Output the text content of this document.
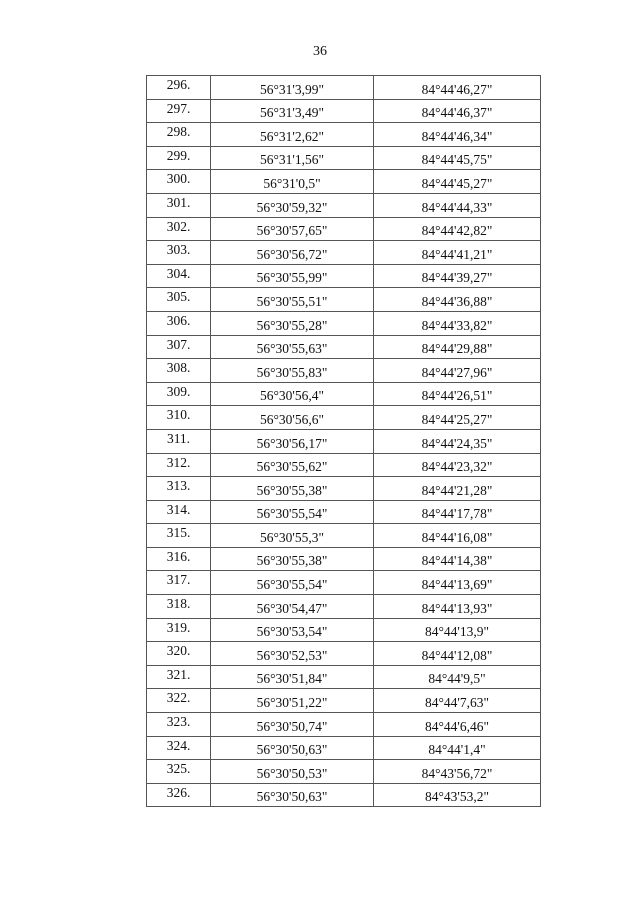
36
296.	56°31'3,99"	84°44'46,27"
297.	56°31'3,49"	84°44'46,37"
298.	56°31'2,62"	84°44'46,34"
299.	56°31'1,56"	84°44'45,75"
300.	56°31'0,5"	84°44'45,27"
301.	56°30'59,32"	84°44'44,33"
302.	56°30'57,65"	84°44'42,82"
303.	56°30'56,72"	84°44'41,21"
304.	56°30'55,99"	84°44'39,27"
305.	56°30'55,51"	84°44'36,88"
306.	56°30'55,28"	84°44'33,82"
307.	56°30'55,63"	84°44'29,88"
308.	56°30'55,83"	84°44'27,96"
309.	56°30'56,4"	84°44'26,51"
310.	56°30'56,6"	84°44'25,27"
311.	56°30'56,17"	84°44'24,35"
312.	56°30'55,62"	84°44'23,32"
313.	56°30'55,38"	84°44'21,28"
314.	56°30'55,54"	84°44'17,78"
315.	56°30'55,3"	84°44'16,08"
316.	56°30'55,38"	84°44'14,38"
317.	56°30'55,54"	84°44'13,69"
318.	56°30'54,47"	84°44'13,93"
319.	56°30'53,54"	84°44'13,9"
320.	56°30'52,53"	84°44'12,08"
321.	56°30'51,84"	84°44'9,5"
322.	56°30'51,22"	84°44'7,63"
323.	56°30'50,74"	84°44'6,46"
324.	56°30'50,63"	84°44'1,4"
325.	56°30'50,53"	84°43'56,72"
326.	56°30'50,63"	84°43'53,2"
